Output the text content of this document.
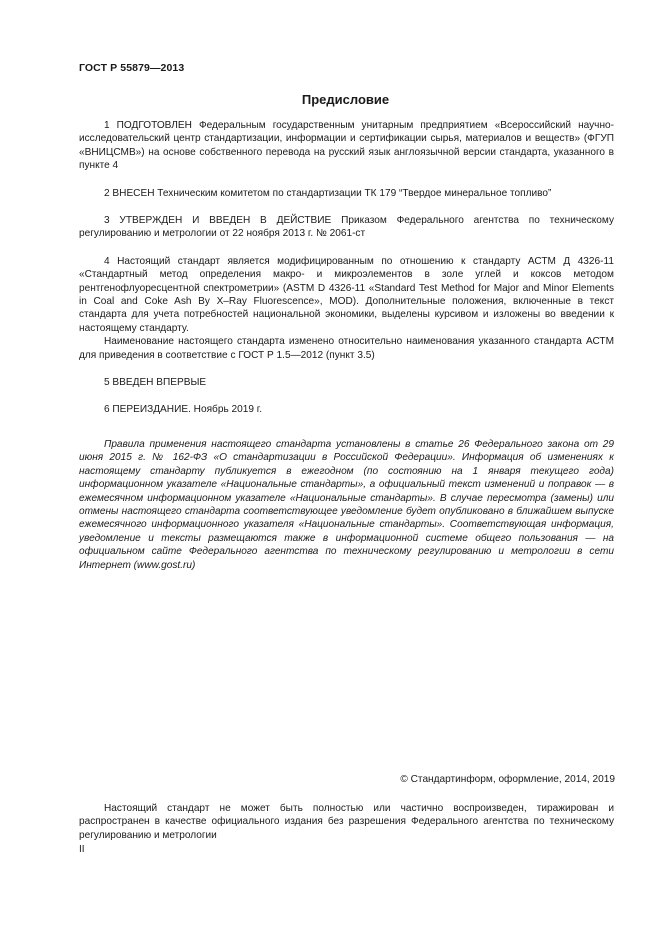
ГОСТ Р 55879—2013
Предисловие

1 ПОДГОТОВЛЕН Федеральным государственным унитарным предприятием «Всероссийский научно-исследовательский центр стандартизации, информации и сертификации сырья, материалов и веществ» (ФГУП «ВНИЦСМВ») на основе собственного перевода на русский язык англоязычной версии стандарта, указанного в пункте 4

2 ВНЕСЕН Техническим комитетом по стандартизации ТК 179 “Твердое минеральное топливо”

3 УТВЕРЖДЕН И ВВЕДЕН В ДЕЙСТВИЕ Приказом Федерального агентства по техническому регулированию и метрологии от 22 ноября 2013 г. № 2061-ст

4 Настоящий стандарт является модифицированным по отношению к стандарту АСТМ Д 4326-11 «Стандартный метод определения макро- и микроэлементов в золе углей и коксов методом рентгенофлуоресцентной спектрометрии» (ASTM D 4326-11 «Standard Test Method for Major and Minor Elements in Coal and Coke Ash By X–Ray Fluorescence», MOD). Дополнительные положения, включенные в текст стандарта для учета потребностей национальной экономики, выделены курсивом и изложены во введении к настоящему стандарту.

Наименование настоящего стандарта изменено относительно наименования указанного стандарта АСТМ для приведения в соответствие с ГОСТ Р 1.5—2012 (пункт 3.5)

5 ВВЕДЕН ВПЕРВЫЕ

6 ПЕРЕИЗДАНИЕ. Ноябрь 2019 г.

Правила применения настоящего стандарта установлены в статье 26 Федерального закона от 29 июня 2015 г. № 162-ФЗ «О стандартизации в Российской Федерации». Информация об изменениях к настоящему стандарту публикуется в ежегодном (по состоянию на 1 января текущего года) информационном указателе «Национальные стандарты», а официальный текст изменений и поправок — в ежемесячном информационном указателе «Национальные стандарты». В случае пересмотра (замены) или отмены настоящего стандарта соответствующее уведомление будет опубликовано в ближайшем выпуске ежемесячного информационного указателя «Национальные стандарты». Соответствующая информация, уведомление и тексты размещаются также в информационной системе общего пользования — на официальном сайте Федерального агентства по техническому регулированию и метрологии в сети Интернет (www.gost.ru)

© Стандартинформ, оформление, 2014, 2019

Настоящий стандарт не может быть полностью или частично воспроизведен, тиражирован и распространен в качестве официального издания без разрешения Федерального агентства по техническому регулированию и метрологии

II
